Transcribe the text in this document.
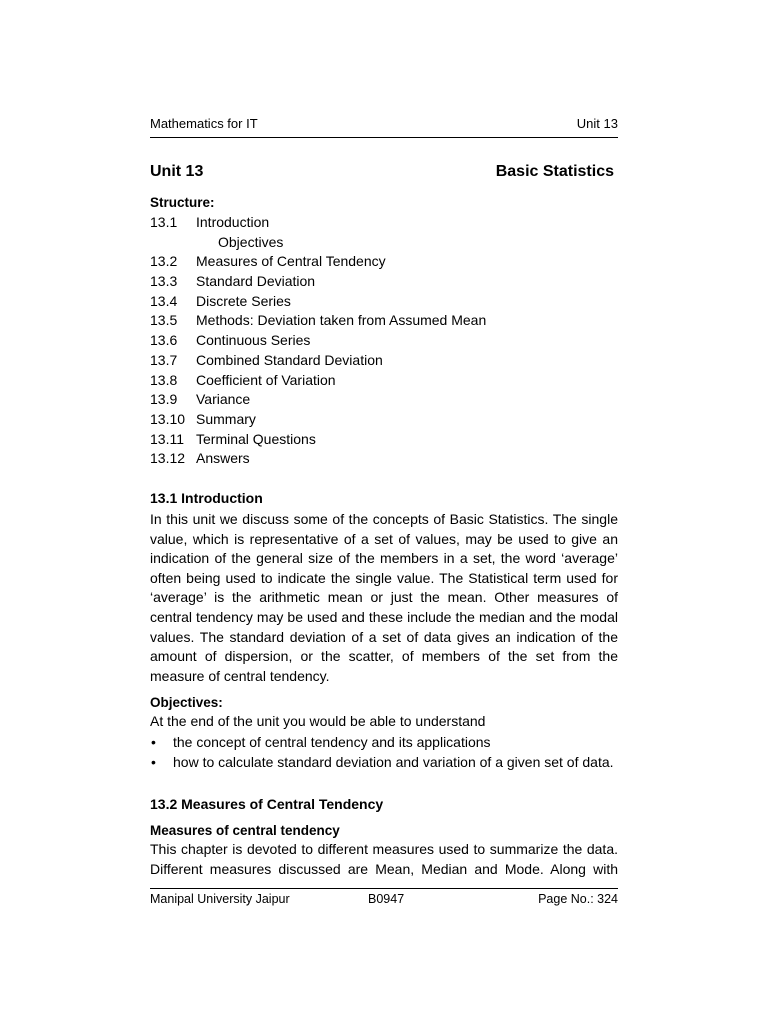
Mathematics for IT	Unit 13
Unit 13	Basic Statistics
Structure:
13.1	Introduction
Objectives
13.2	Measures of Central Tendency
13.3	Standard Deviation
13.4	Discrete Series
13.5	Methods: Deviation taken from Assumed Mean
13.6	Continuous Series
13.7	Combined Standard Deviation
13.8	Coefficient of Variation
13.9	Variance
13.10 Summary
13.11 Terminal Questions
13.12 Answers
13.1 Introduction
In this unit we discuss some of the concepts of Basic Statistics. The single value, which is representative of a set of values, may be used to give an indication of the general size of the members in a set, the word ‘average’ often being used to indicate the single value. The Statistical term used for ‘average’ is the arithmetic mean or just the mean. Other measures of central tendency may be used and these include the median and the modal values. The standard deviation of a set of data gives an indication of the amount of dispersion, or the scatter, of members of the set from the measure of central tendency.
Objectives:
At the end of the unit you would be able to understand
•	the concept of central tendency and its applications
•	how to calculate standard deviation and variation of a given set of data.
13.2 Measures of Central Tendency
Measures of central tendency
This chapter is devoted to different measures used to summarize the data. Different measures discussed are Mean, Median and Mode. Along with
Manipal University Jaipur	B0947	Page No.: 324
